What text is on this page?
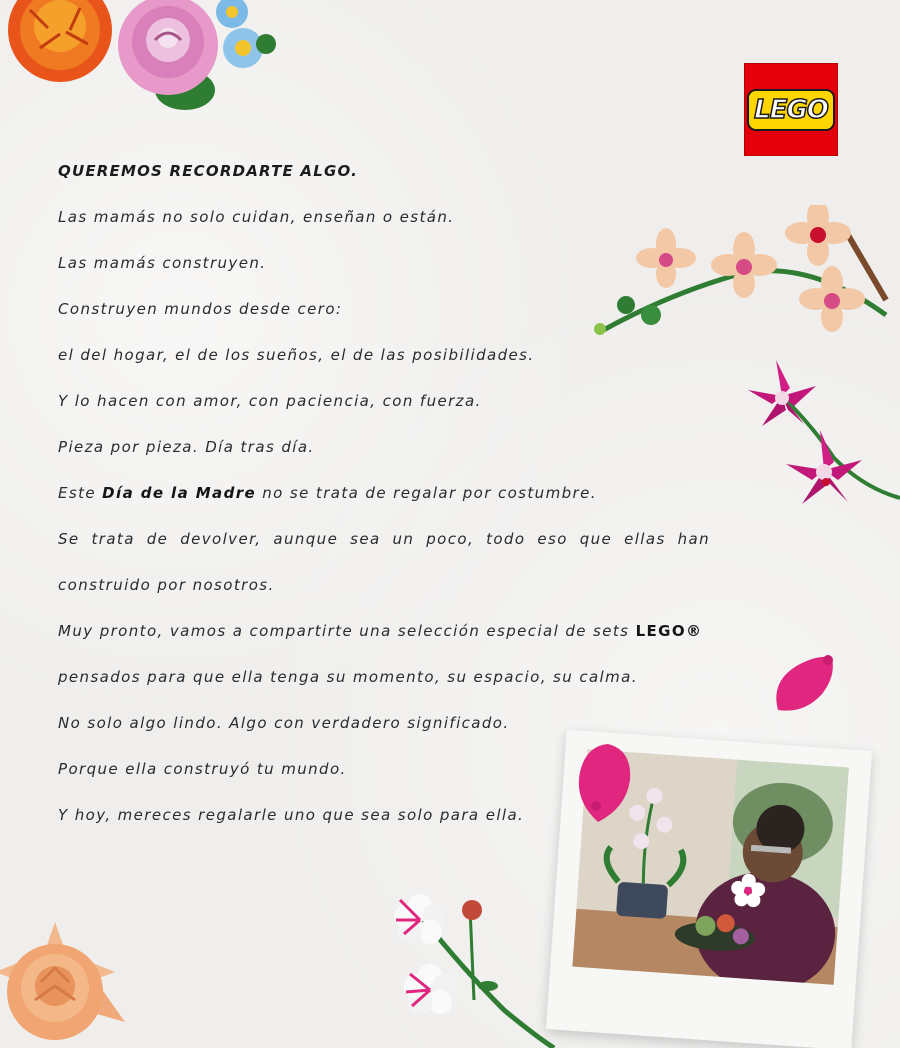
LEGO
QUEREMOS RECORDARTE ALGO.
Las mamás no solo cuidan, enseñan o están.
Las mamás construyen.
Construyen mundos desde cero:
el del hogar, el de los sueños, el de las posibilidades.
Y lo hacen con amor, con paciencia, con fuerza.
Pieza por pieza. Día tras día.
Este Día de la Madre no se trata de regalar por costumbre.
Se trata de devolver, aunque sea un poco, todo eso que ellas han
construido por nosotros.
Muy pronto, vamos a compartirte una selección especial de sets LEGO®
pensados para que ella tenga su momento, su espacio, su calma.
No solo algo lindo. Algo con verdadero significado.
Porque ella construyó tu mundo.
Y hoy, mereces regalarle uno que sea solo para ella.
